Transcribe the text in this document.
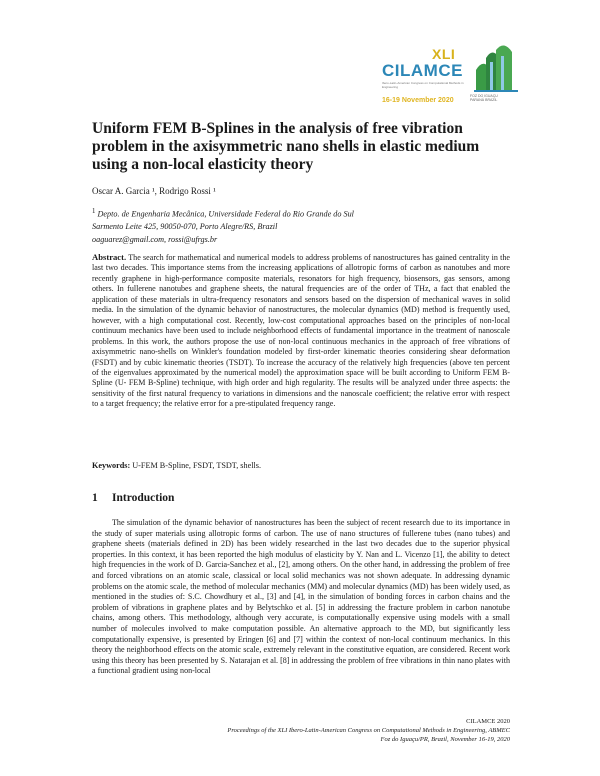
XLI
CILAMCE
Ibero-Latin-American Congress on Computational Methods in Engineering
16-19 November 2020
FOZ DO IGUAÇU PARANÁ BRAZIL
Uniform FEM B-Splines in the analysis of free vibration problem in the axisymmetric nano shells in elastic medium using a non-local elasticity theory
Oscar A. Garcia ¹, Rodrigo Rossi ¹
$^1$ Depto. de Engenharia Mecânica, Universidade Federal do Rio Grande do Sul
Sarmento Leite 425, 90050-070, Porto Alegre/RS, Brazil
oaguarez@gmail.com, rossi@ufrgs.br

Abstract. The search for mathematical and numerical models to address problems of nanostructures has gained centrality in the last two decades. This importance stems from the increasing applications of allotropic forms of carbon as nanotubes and more recently graphene in high-performance composite materials, resonators for high frequency, biosensors, gas sensors, among others. In fullerene nanotubes and graphene sheets, the natural frequencies are of the order of THz, a fact that enabled the application of these materials in ultra-frequency resonators and sensors based on the dispersion of mechanical waves in solid media. In the simulation of the dynamic behavior of nanostructures, the molecular dynamics (MD) method is frequently used, however, with a high computational cost. Recently, low-cost computational approaches based on the principles of non-local continuum mechanics have been used to include neighborhood effects of fundamental importance in the treatment of nanoscale problems. In this work, the authors propose the use of non-local continuous mechanics in the approach of free vibrations of axisymmetric nano-shells on Winkler's foundation modeled by first-order kinematic theories considering shear deformation (FSDT) and by cubic kinematic theories (TSDT). To increase the accuracy of the relatively high frequencies (above ten percent of the eigenvalues approximated by the numerical model) the approximation space will be built according to Uniform FEM B-Spline (U- FEM B-Spline) technique, with high order and high regularity. The results will be analyzed under three aspects: the sensitivity of the first natural frequency to variations in dimensions and the nanoscale coefficient; the relative error with respect to a target frequency; the relative error for a pre-stipulated frequency range.

Keywords: U-FEM B-Spline, FSDT, TSDT, shells.
1 Introduction

The simulation of the dynamic behavior of nanostructures has been the subject of recent research due to its importance in the study of super materials using allotropic forms of carbon. The use of nano structures of fullerene tubes (nano tubes) and graphene sheets (materials defined in 2D) has been widely researched in the last two decades due to the superior physical properties. In this context, it has been reported the high modulus of elasticity by Y. Nan and L. Vicenzo [1], the ability to detect high frequencies in the work of D. Garcia-Sanchez et al., [2], among others. On the other hand, in addressing the problem of free and forced vibrations on an atomic scale, classical or local solid mechanics was not shown adequate. In addressing dynamic problems on the atomic scale, the method of molecular mechanics (MM) and molecular dynamics (MD) has been widely used, as mentioned in the studies of: S.C. Chowdhury et al., [3] and [4], in the simulation of bonding forces in carbon chains and the problem of vibrations in graphene plates and by Belytschko et al. [5] in addressing the fracture problem in carbon nanotube chains, among others. This methodology, although very accurate, is computationally expensive using models with a small number of molecules involved to make computation possible. An alternative approach to the MD, but significantly less computationally expensive, is presented by Eringen [6] and [7] within the context of non-local continuum mechanics. In this theory the neighborhood effects on the atomic scale, extremely relevant in the constitutive equation, are considered. Recent work using this theory has been presented by S. Natarajan et al. [8] in addressing the problem of free vibrations in thin nano plates with a functional gradient using non-local

CILAMCE 2020
Proceedings of the XLI Ibero-Latin-American Congress on Computational Methods in Engineering, ABMEC
Foz do Iguaçu/PR, Brazil, November 16-19, 2020
